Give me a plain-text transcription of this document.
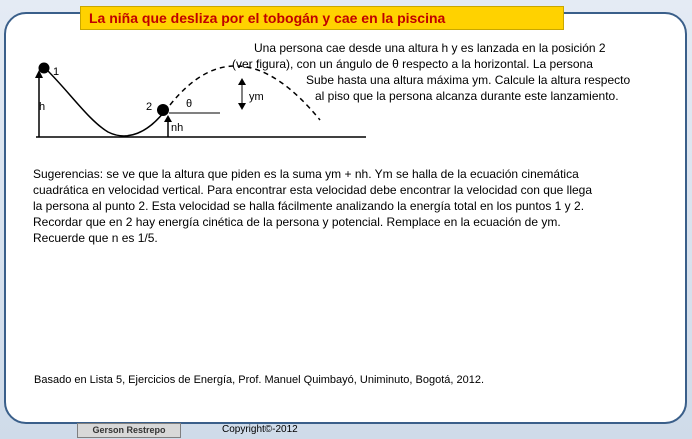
La niña que desliza por el tobogán y cae en la piscina
h
1
2
nh
θ
ym
Una persona cae desde una altura h y es lanzada en la posición 2
(ver figura), con un ángulo de θ respecto a la horizontal. La persona
Sube hasta una altura máxima ym. Calcule la altura respecto
al piso que la persona alcanza durante este lanzamiento.
Sugerencias: se ve que la altura que piden es la suma ym + nh. Ym se halla de la ecuación cinemática
cuadrática en velocidad vertical. Para encontrar esta velocidad debe encontrar la velocidad con que llega
la persona al punto 2. Esta velocidad se halla fácilmente analizando la energía total en los puntos 1 y 2.
Recordar que en 2 hay energía cinética de la persona y potencial. Remplace en la ecuación de ym.
Recuerde que n es 1/5.
Basado en Lista 5, Ejercicios de Energía, Prof. Manuel Quimbayó, Uniminuto, Bogotá, 2012.
Gerson Restrepo	Copyright©-2012
